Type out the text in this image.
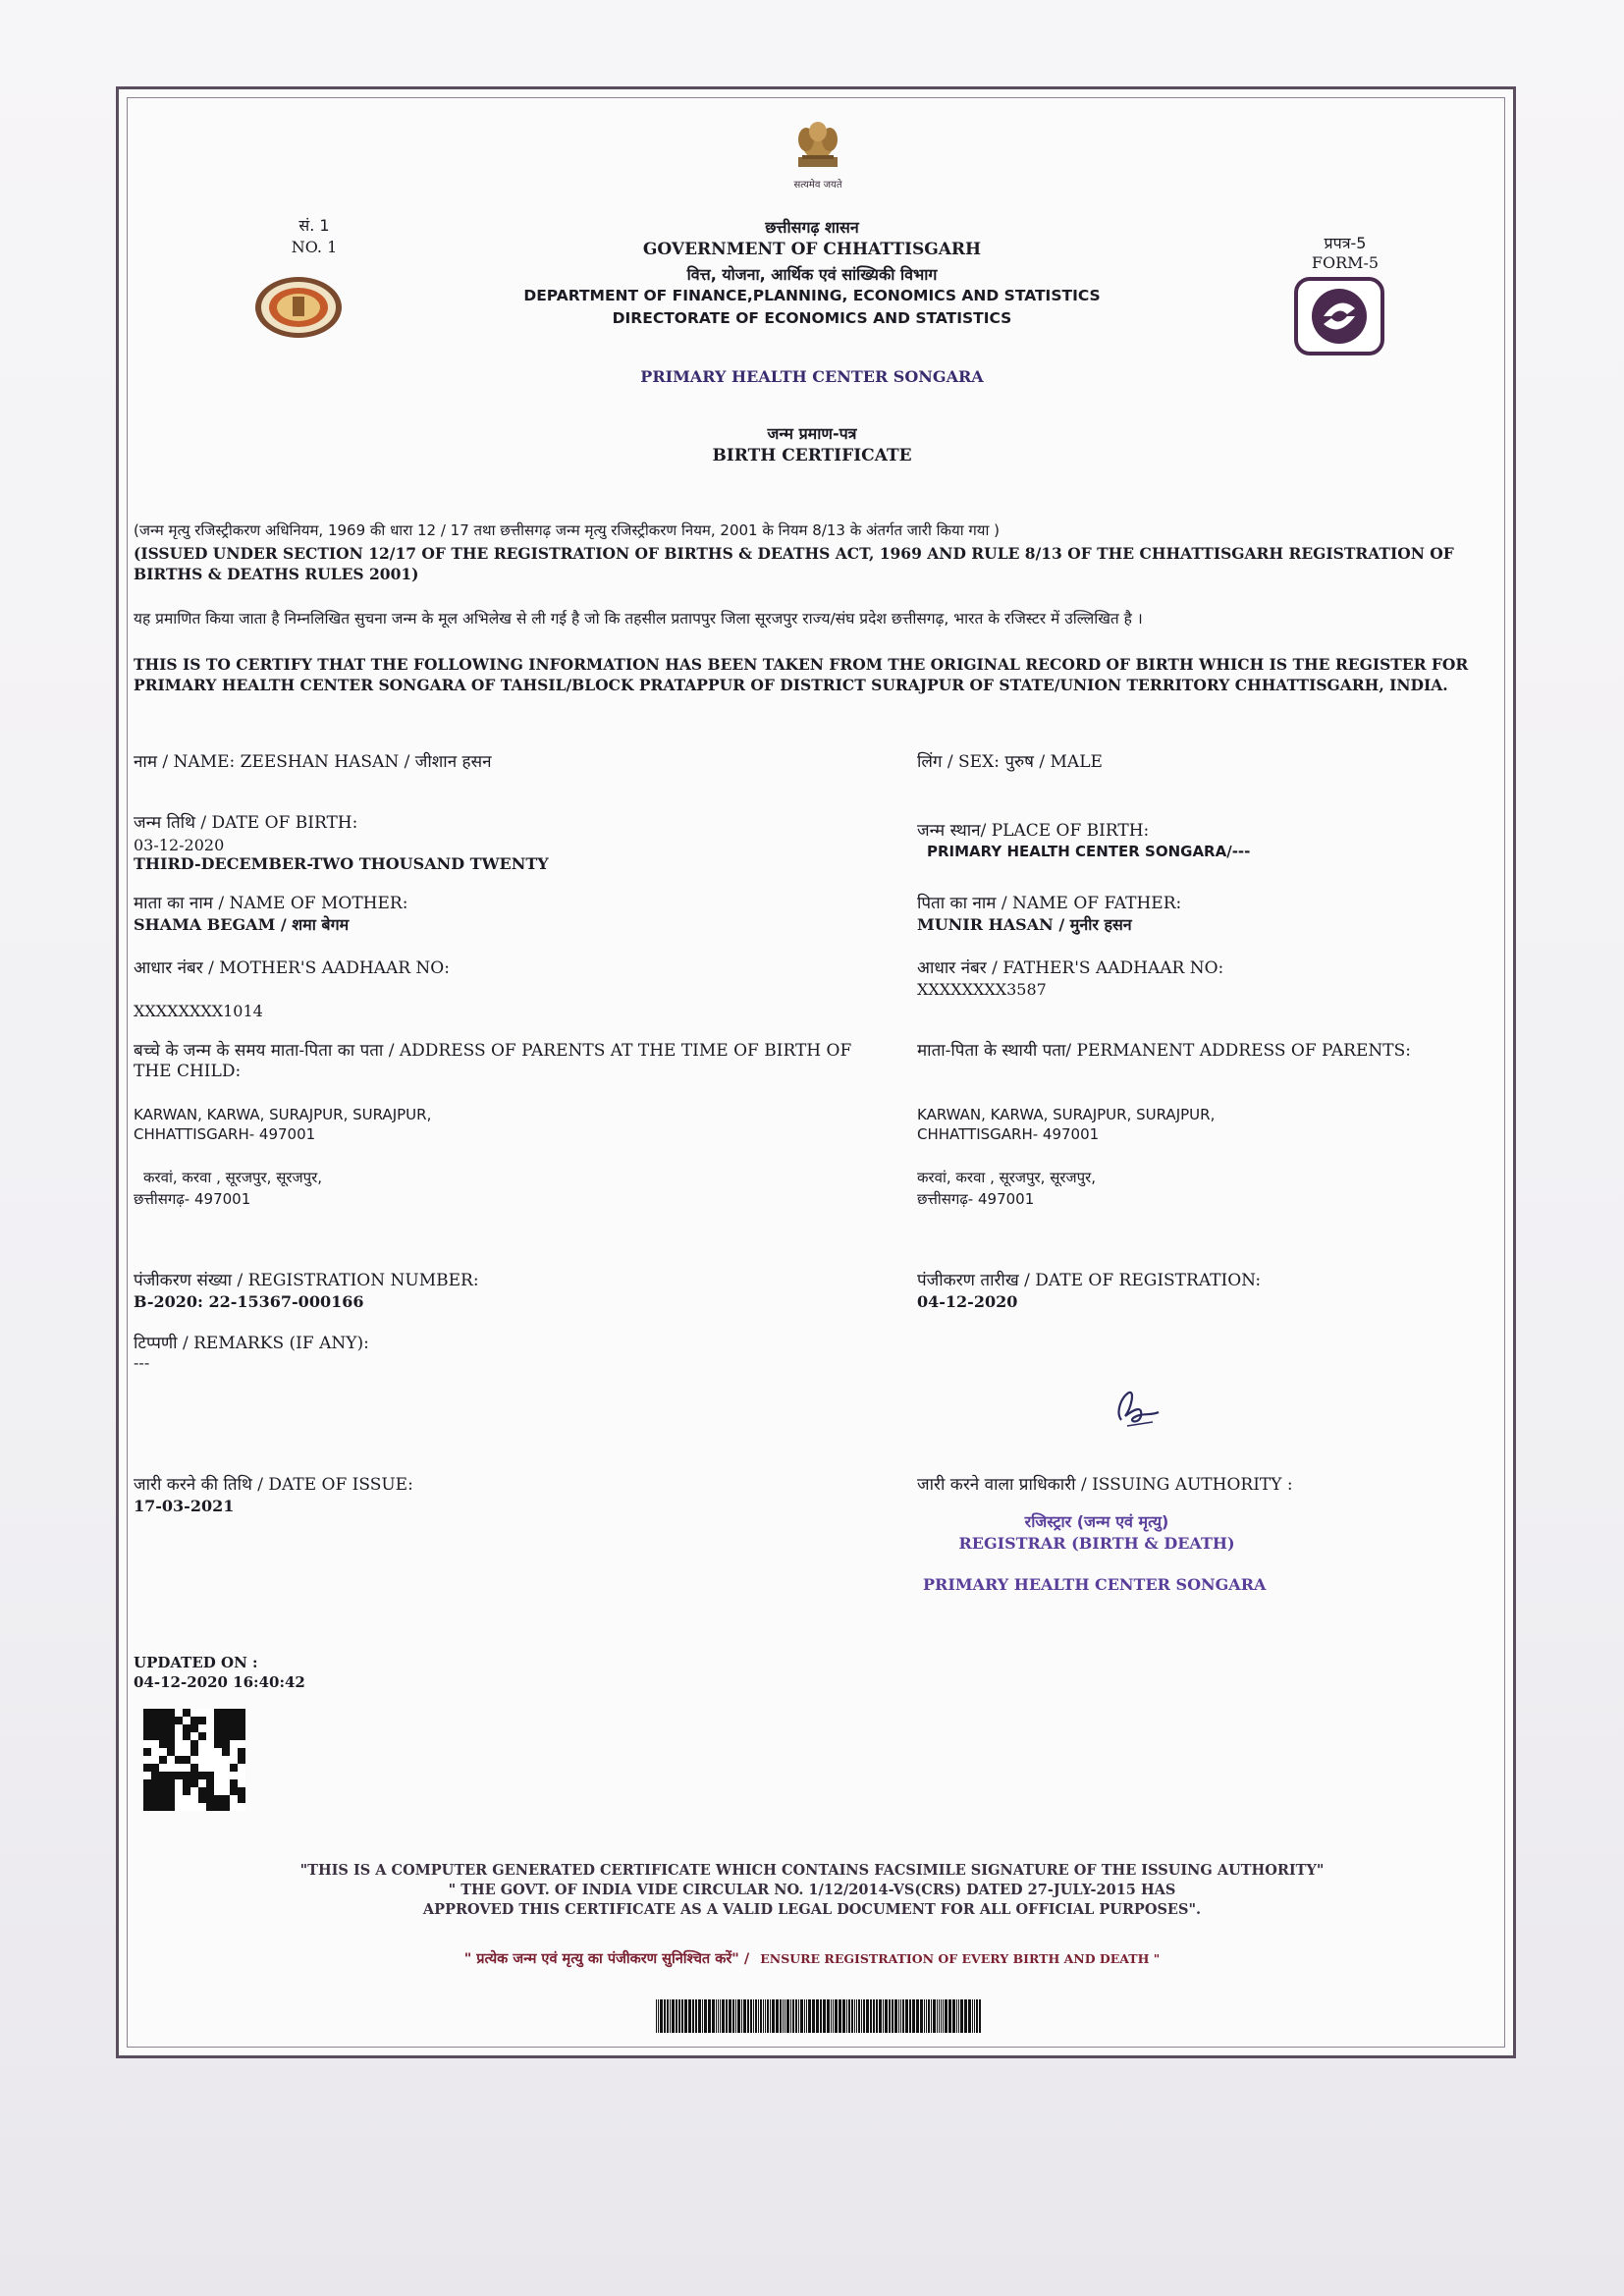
सत्यमेव जयते

सं. 1

NO. 1	प्रपत्र-5

FORM-5

छत्तीसगढ़ शासन

GOVERNMENT OF CHHATTISGARH

वित्त, योजना, आर्थिक एवं सांख्यिकी विभाग

DEPARTMENT OF FINANCE,PLANNING, ECONOMICS AND STATISTICS

DIRECTORATE OF ECONOMICS AND STATISTICS

PRIMARY HEALTH CENTER SONGARA

जन्म प्रमाण-पत्र

BIRTH CERTIFICATE

(जन्म मृत्यु रजिस्ट्रीकरण अधिनियम, 1969 की धारा 12 / 17 तथा छत्तीसगढ़ जन्म मृत्यु रजिस्ट्रीकरण नियम, 2001 के नियम 8/13 के अंतर्गत जारी किया गया )

(ISSUED UNDER SECTION 12/17 OF THE REGISTRATION OF BIRTHS & DEATHS ACT, 1969 AND RULE 8/13 OF THE CHHATTISGARH REGISTRATION OF BIRTHS & DEATHS RULES 2001)

यह प्रमाणित किया जाता है निम्नलिखित सुचना जन्म के मूल अभिलेख से ली गई है जो कि तहसील प्रतापपुर जिला सूरजपुर राज्य/संघ प्रदेश छत्तीसगढ़, भारत के रजिस्टर में उल्लिखित है ।

THIS IS TO CERTIFY THAT THE FOLLOWING INFORMATION HAS BEEN TAKEN FROM THE ORIGINAL RECORD OF BIRTH WHICH IS THE REGISTER FOR PRIMARY HEALTH CENTER SONGARA OF TAHSIL/BLOCK PRATAPPUR OF DISTRICT SURAJPUR OF STATE/UNION TERRITORY CHHATTISGARH, INDIA.

नाम / NAME: ZEESHAN HASAN / जीशान हसन	लिंग / SEX: पुरुष / MALE

जन्म तिथि / DATE OF BIRTH:

03-12-2020

THIRD-DECEMBER-TWO THOUSAND TWENTY

जन्म स्थान/ PLACE OF BIRTH:

PRIMARY HEALTH CENTER SONGARA/---

माता का नाम / NAME OF MOTHER:

SHAMA BEGAM / शमा बेगम

पिता का नाम / NAME OF FATHER:

MUNIR HASAN / मुनीर हसन

आधार नंबर / MOTHER'S AADHAAR NO:

XXXXXXXX1014

आधार नंबर / FATHER'S AADHAAR NO:

XXXXXXXX3587

बच्चे के जन्म के समय माता-पिता का पता / ADDRESS OF PARENTS AT THE TIME OF BIRTH OF THE CHILD:

KARWAN, KARWA, SURAJPUR, SURAJPUR,

CHHATTISGARH- 497001

करवां, करवा , सूरजपुर, सूरजपुर,

छत्तीसगढ़- 497001

माता-पिता के स्थायी पता/ PERMANENT ADDRESS OF PARENTS:

KARWAN, KARWA, SURAJPUR, SURAJPUR,

CHHATTISGARH- 497001

करवां, करवा , सूरजपुर, सूरजपुर,

छत्तीसगढ़- 497001

पंजीकरण संख्या / REGISTRATION NUMBER:

B-2020: 22-15367-000166

पंजीकरण तारीख / DATE OF REGISTRATION:

04-12-2020

टिप्पणी / REMARKS (IF ANY):

---

जारी करने की तिथि / DATE OF ISSUE:

17-03-2021

जारी करने वाला प्राधिकारी / ISSUING AUTHORITY :

रजिस्ट्रार (जन्म एवं मृत्यु)

REGISTRAR (BIRTH & DEATH)

PRIMARY HEALTH CENTER SONGARA

UPDATED ON :

04-12-2020 16:40:42

"THIS IS A COMPUTER GENERATED CERTIFICATE WHICH CONTAINS FACSIMILE SIGNATURE OF THE ISSUING AUTHORITY"

" THE GOVT. OF INDIA VIDE CIRCULAR NO. 1/12/2014-VS(CRS) DATED 27-JULY-2015 HAS

APPROVED THIS CERTIFICATE AS A VALID LEGAL DOCUMENT FOR ALL OFFICIAL PURPOSES".

" प्रत्येक जन्म एवं मृत्यु का पंजीकरण सुनिश्चित करें" / ENSURE REGISTRATION OF EVERY BIRTH AND DEATH "
